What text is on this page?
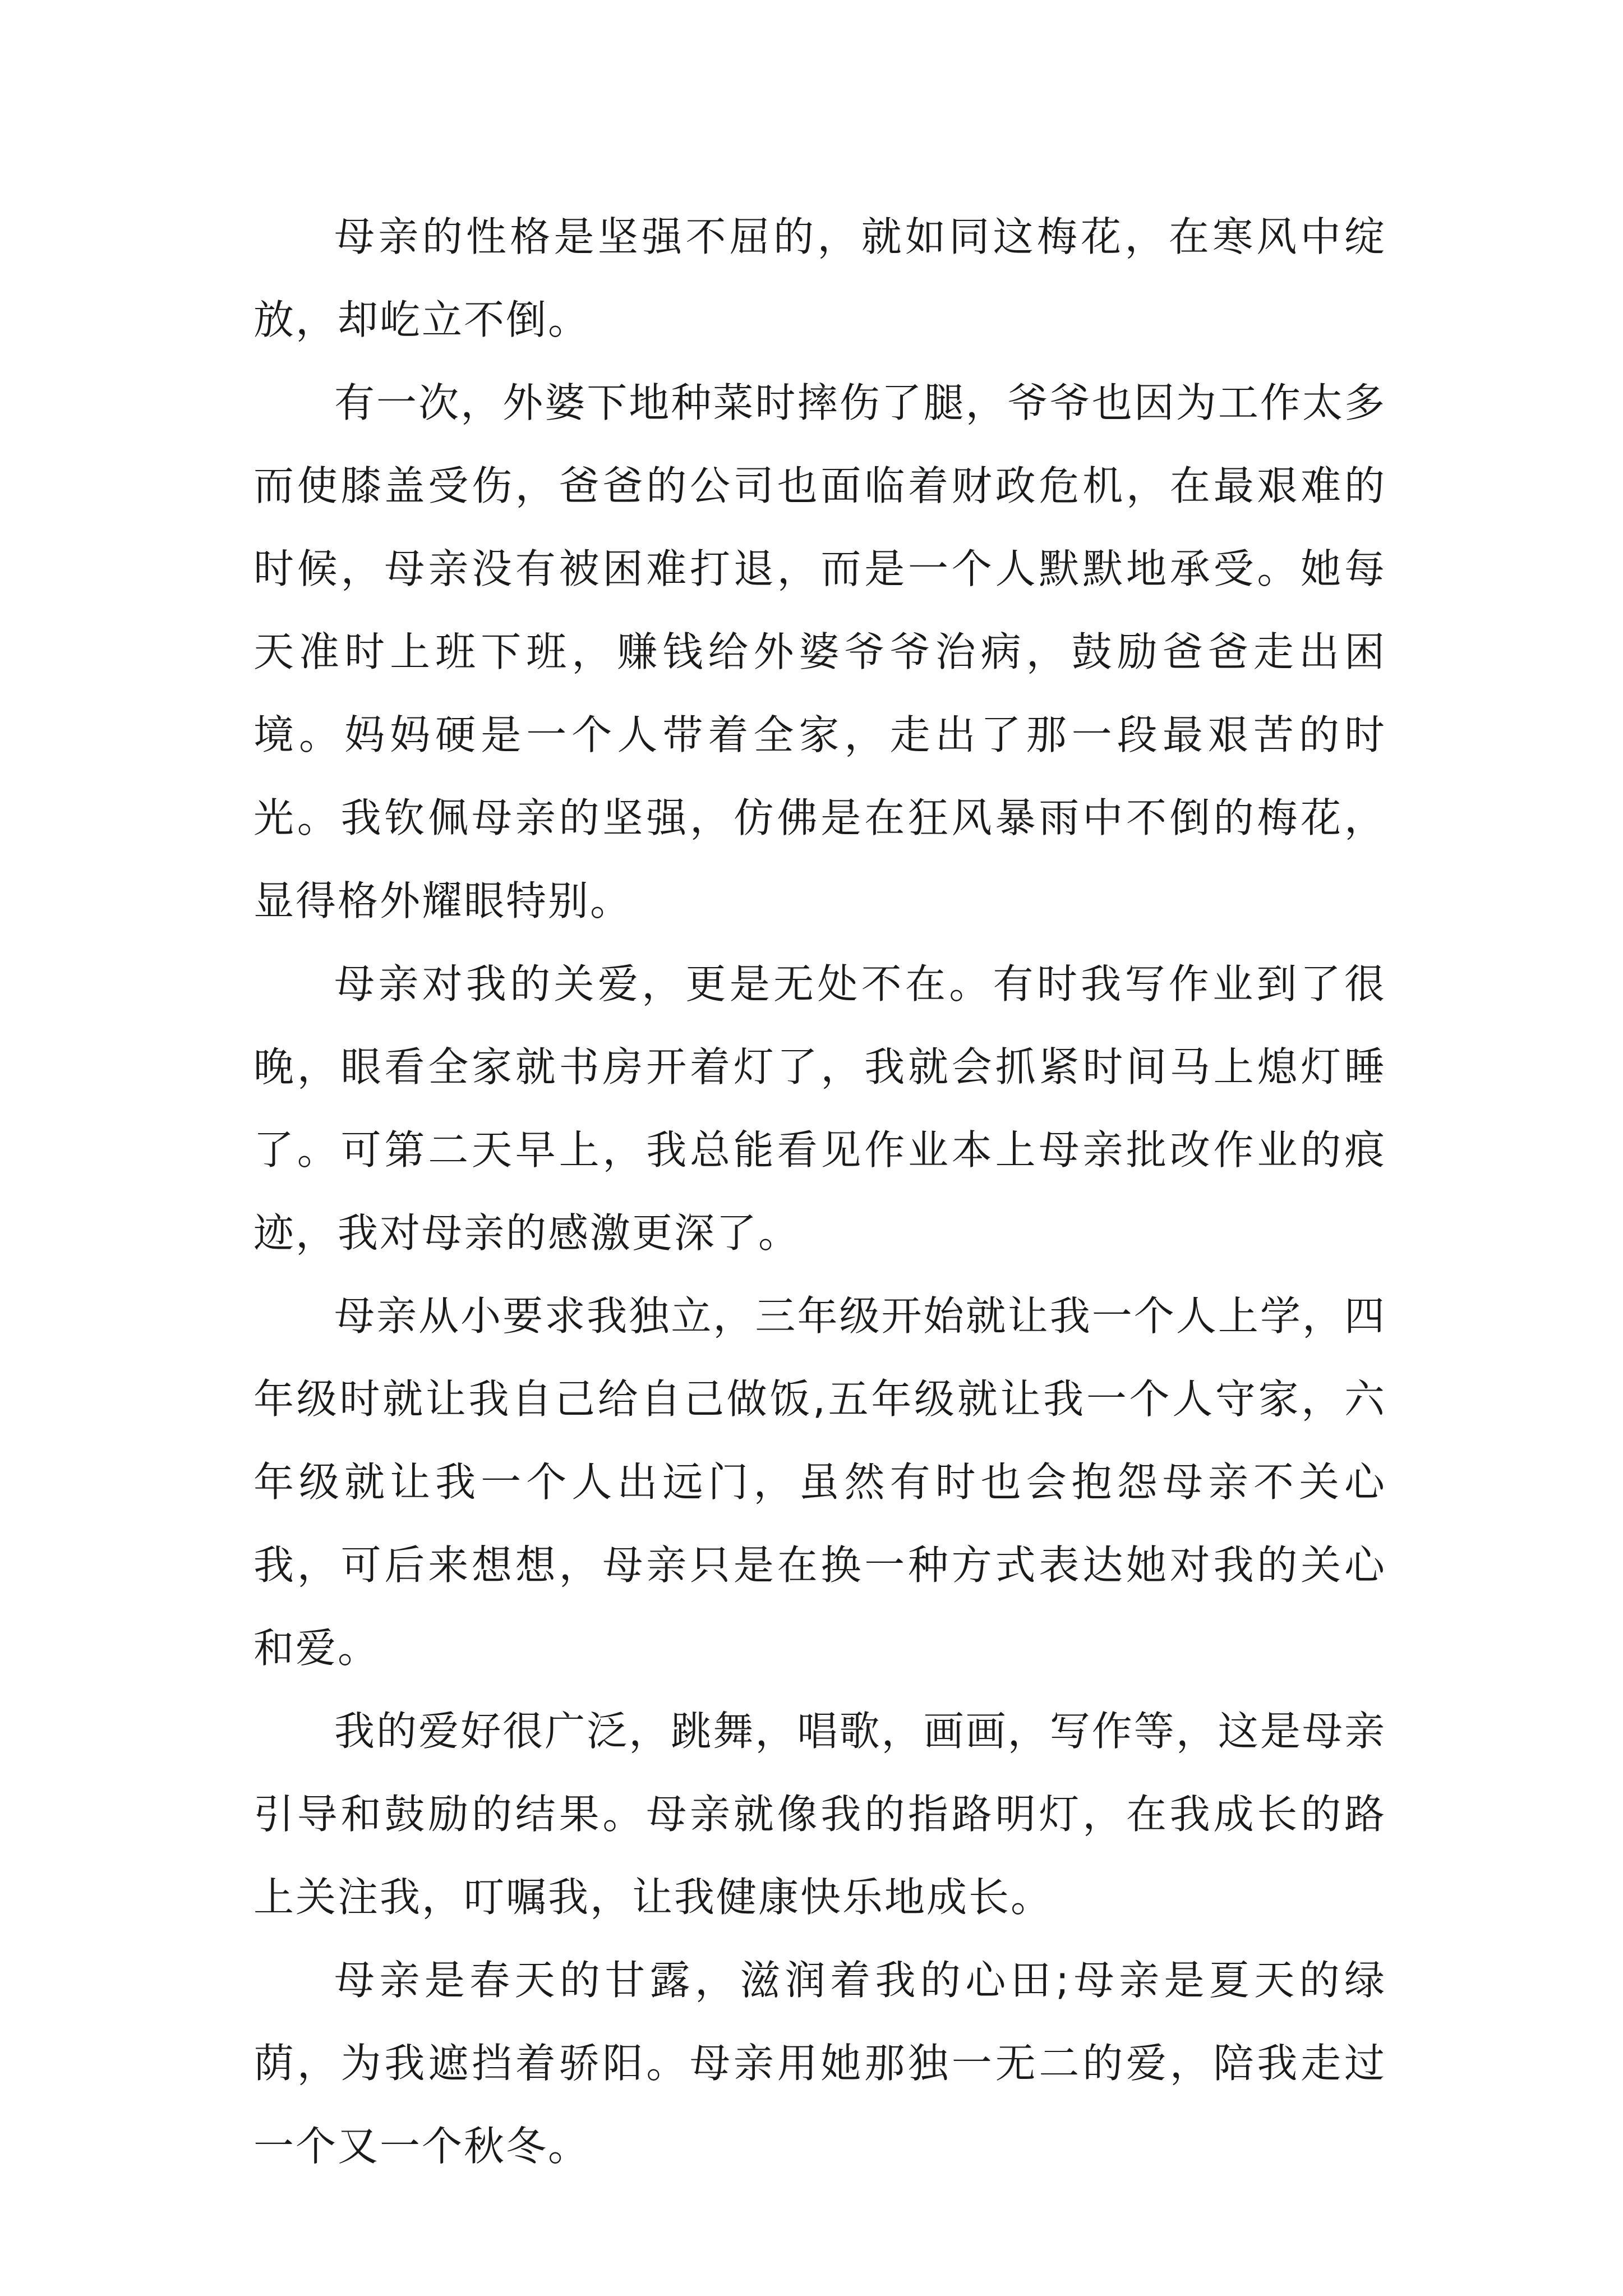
母亲的性格是坚强不屈的，就如同这梅花，在寒风中绽放，却屹立不倒。

有一次，外婆下地种菜时摔伤了腿，爷爷也因为工作太多而使膝盖受伤，爸爸的公司也面临着财政危机，在最艰难的时候，母亲没有被困难打退，而是一个人默默地承受。她每天准时上班下班，赚钱给外婆爷爷治病，鼓励爸爸走出困境。妈妈硬是一个人带着全家，走出了那一段最艰苦的时光。我钦佩母亲的坚强，仿佛是在狂风暴雨中不倒的梅花，显得格外耀眼特别。

母亲对我的关爱，更是无处不在。有时我写作业到了很晚，眼看全家就书房开着灯了，我就会抓紧时间马上熄灯睡了。可第二天早上，我总能看见作业本上母亲批改作业的痕迹，我对母亲的感激更深了。

母亲从小要求我独立，三年级开始就让我一个人上学，四年级时就让我自己给自己做饭,五年级就让我一个人守家，六年级就让我一个人出远门，虽然有时也会抱怨母亲不关心我，可后来想想，母亲只是在换一种方式表达她对我的关心和爱。

我的爱好很广泛，跳舞，唱歌，画画，写作等，这是母亲引导和鼓励的结果。母亲就像我的指路明灯，在我成长的路上关注我，叮嘱我，让我健康快乐地成长。

母亲是春天的甘露，滋润着我的心田;母亲是夏天的绿荫，为我遮挡着骄阳。母亲用她那独一无二的爱，陪我走过一个又一个秋冬。
